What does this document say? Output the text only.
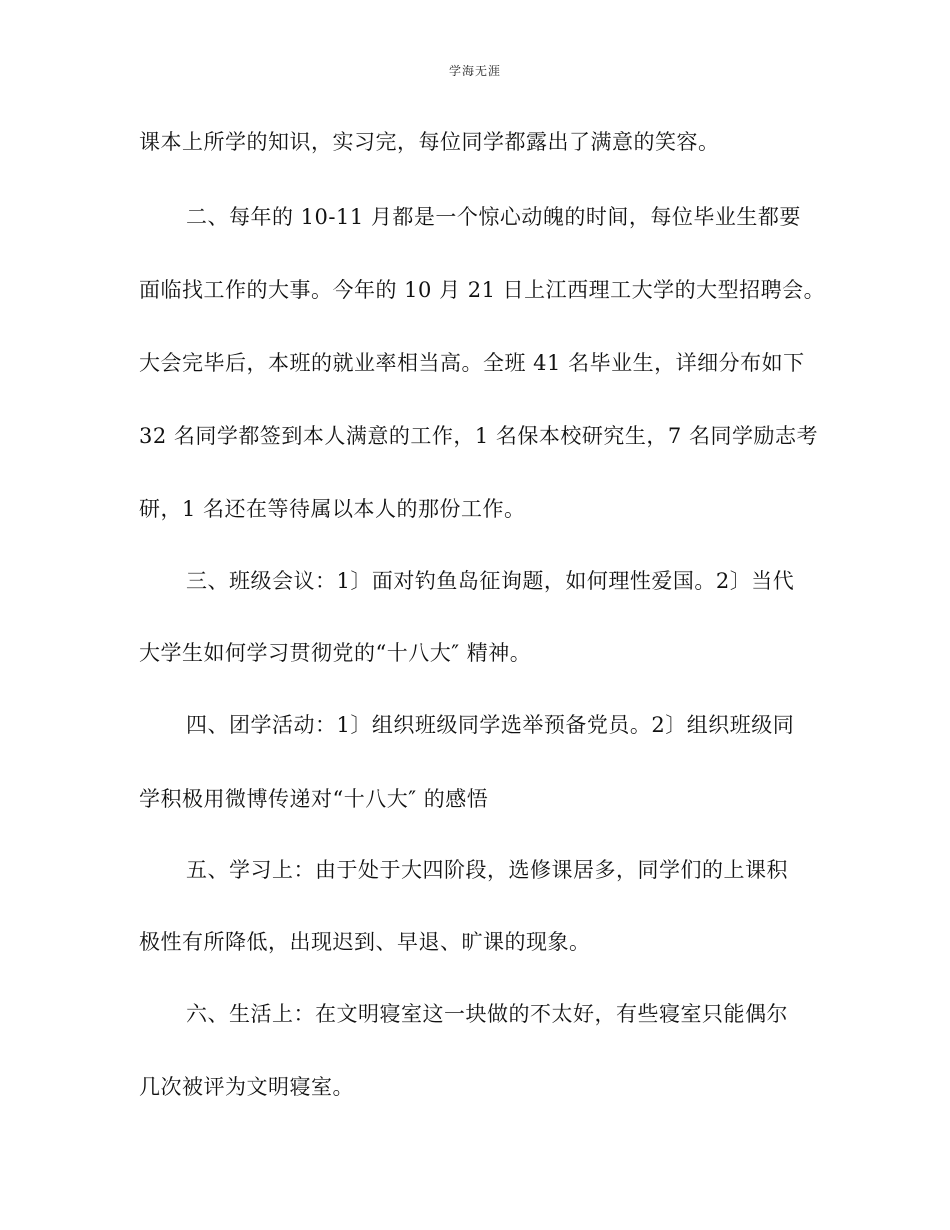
学海无涯
课本上所学的知识，实习完，每位同学都露出了满意的笑容。
二、每年的 10-11 月都是一个惊心动魄的时间，每位毕业生都要
面临找工作的大事。今年的 10 月 21 日上江西理工大学的大型招聘会。
大会完毕后，本班的就业率相当高。全班 41 名毕业生，详细分布如下
32 名同学都签到本人满意的工作，1 名保本校研究生，7 名同学励志考
研，1 名还在等待属以本人的那份工作。
三、班级会议：1〕面对钓鱼岛征询题，如何理性爱国。2〕当代
大学生如何学习贯彻党的“十八大″ 精神。
四、团学活动：1〕组织班级同学选举预备党员。2〕组织班级同
学积极用微博传递对“十八大″ 的感悟
五、学习上：由于处于大四阶段，选修课居多，同学们的上课积
极性有所降低，出现迟到、早退、旷课的现象。
六、生活上：在文明寝室这一块做的不太好，有些寝室只能偶尔
几次被评为文明寝室。
